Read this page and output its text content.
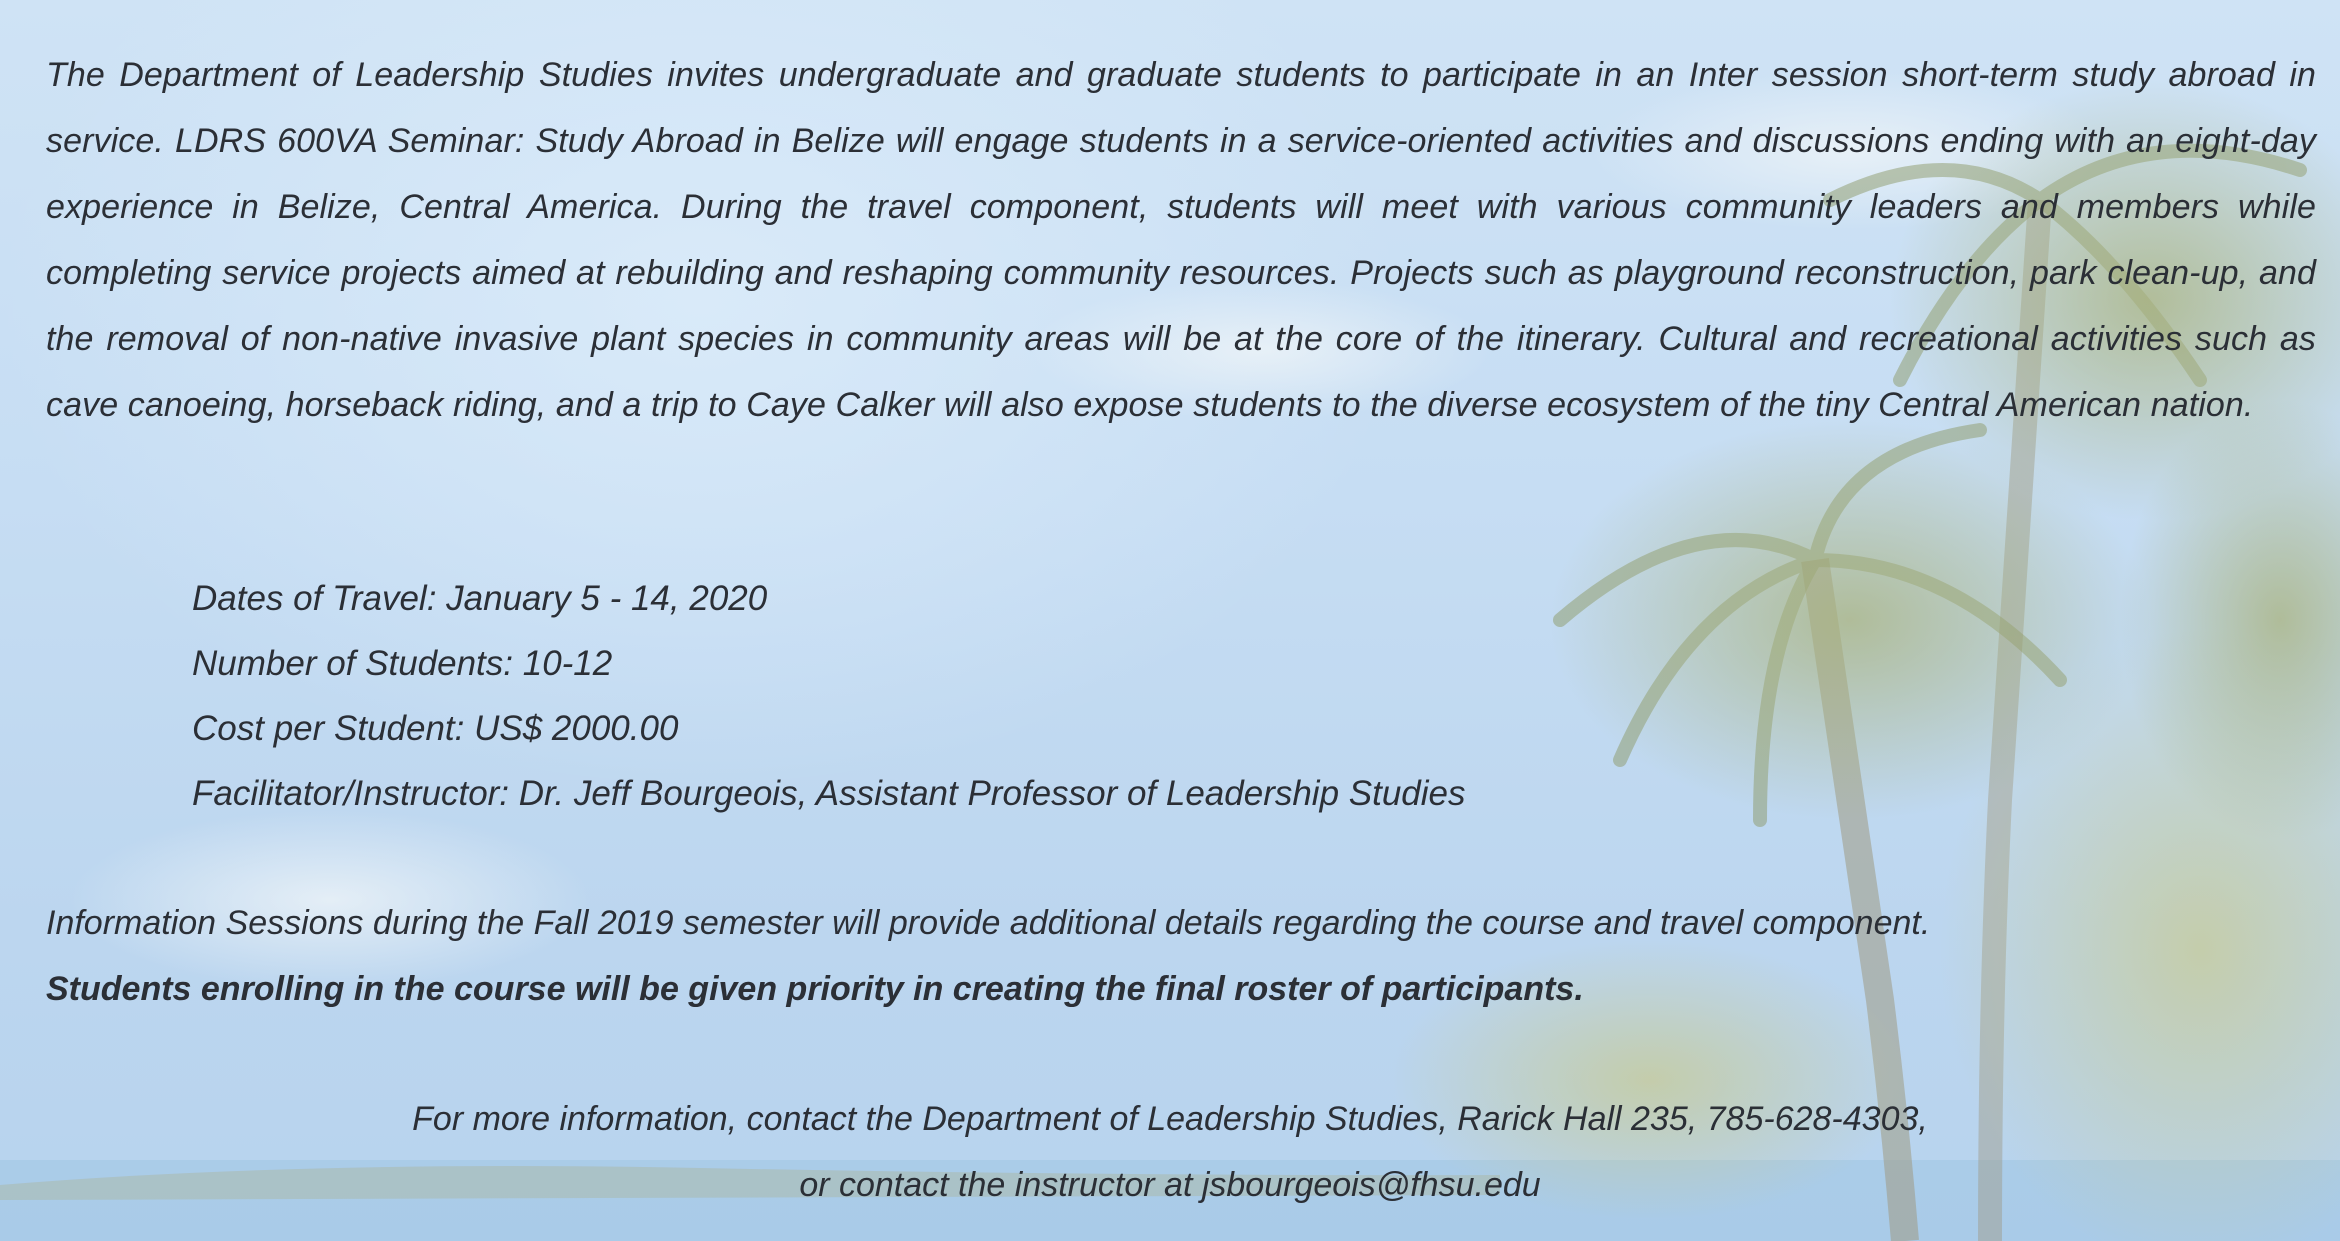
The Department of Leadership Studies invites undergraduate and graduate students to participate in an Inter session short-term study abroad in service. LDRS 600VA Seminar: Study Abroad in Belize will engage students in a service-oriented activities and discussions ending with an eight-day experience in Belize, Central America. During the travel component, students will meet with various community leaders and members while completing service projects aimed at rebuilding and reshaping community resources. Projects such as playground reconstruction, park clean-up, and the removal of non-native invasive plant species in community areas will be at the core of the itinerary. Cultural and recreational activities such as cave canoeing, horseback riding, and a trip to Caye Calker will also expose students to the diverse ecosystem of the tiny Central American nation.

Dates of Travel: January 5 - 14, 2020
Number of Students: 10-12
Cost per Student: US$ 2000.00
Facilitator/Instructor: Dr. Jeff Bourgeois, Assistant Professor of Leadership Studies

Information Sessions during the Fall 2019 semester will provide additional details regarding the course and travel component.

Students enrolling in the course will be given priority in creating the final roster of participants.

For more information, contact the Department of Leadership Studies, Rarick Hall 235, 785-628-4303,
or contact the instructor at jsbourgeois@fhsu.edu
